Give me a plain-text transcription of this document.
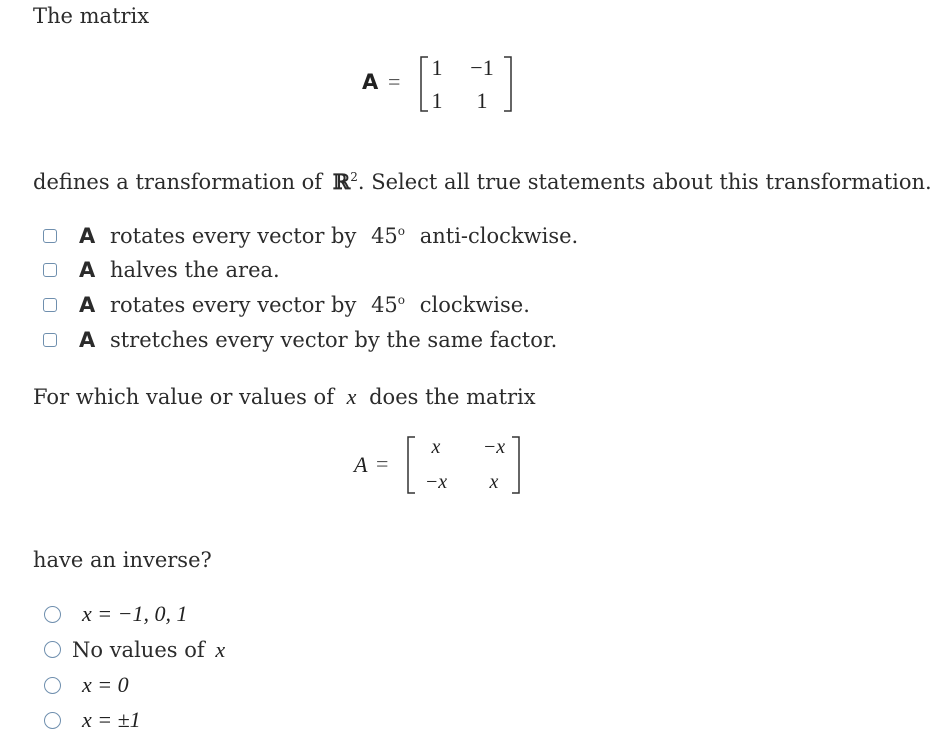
The matrix
A =
1	−1
1	1
defines a transformation of ℝ$^2$. Select all true statements about this transformation.
A rotates every vector by 45$^o$ anti-clockwise.
A halves the area.
A rotates every vector by 45$^o$ clockwise.
A stretches every vector by the same factor.
For which value or values of x does the matrix
A =
x	−x
−x	x
have an inverse?
x = −1, 0, 1
No values of x
x = 0
x = ±1
